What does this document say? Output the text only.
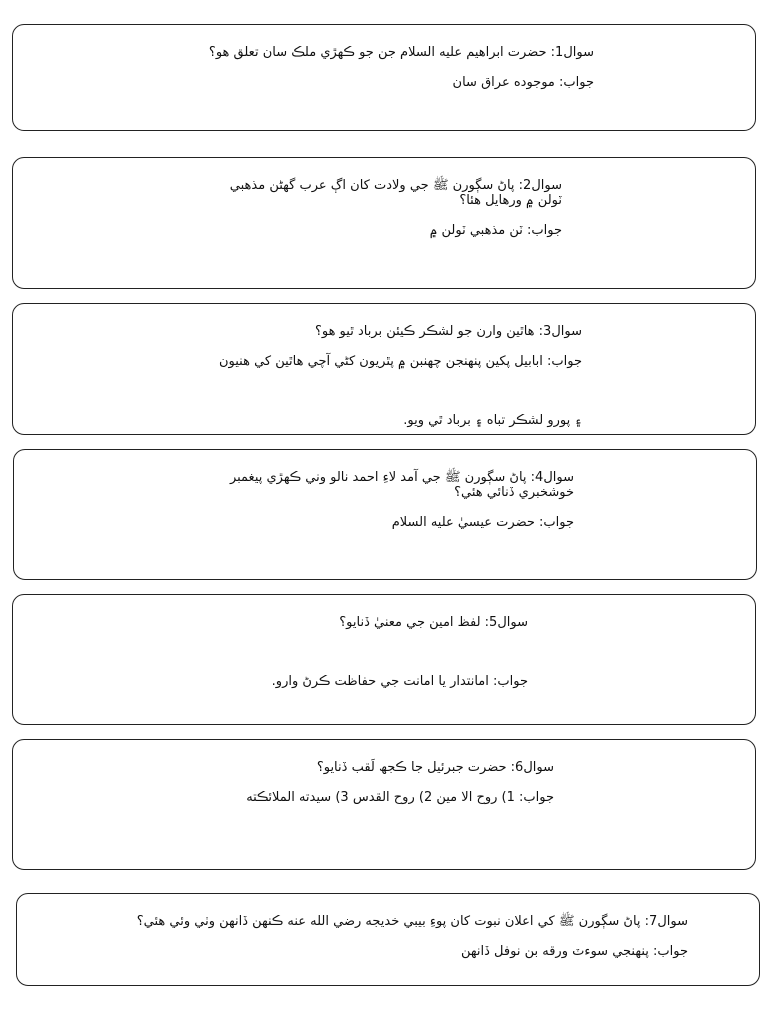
سوال1: حضرت ابراهيم عليه السلام جن جو ڪهڙي ملڪ سان تعلق هو؟

جواب: موجوده عراق سان

سوال2: پاڻ سڳورن ﷺ جي ولادت کان اڳ عرب گهڻن مذهبي
ٽولن ۾ ورهايل هئا؟

جواب: ٽن مذهبي ٽولن ۾

سوال3: هاٿين وارن جو لشڪر ڪيئن برباد ٿيو هو؟

جواب: ابابيل پکين پنهنجن چهنبن ۾ پٿريون کڻي آچي هاٿين کي هنيون

۽ پورو لشڪر تباه ۽ برباد ٿي ويو.

سوال4: پاڻ سڳورن ﷺ جي آمد لاءِ احمد نالو وني ڪهڙي پيغمبر
خوشخبري ڏنائي هئي؟

جواب: حضرت عيسيٰ عليه السلام

سوال5: لفظ امين جي معنيٰ ڏنايو؟

جواب: امانتدار يا امانت جي حفاظت ڪرڻ وارو.

سوال6: حضرت جبرئيل جا ڪجھ لَقب ڏنايو؟

جواب: 1) روح الا مين 2) روح القدس 3) سيدته الملائڪته

سوال7: پاڻ سڳورن ﷺ کي اعلان نبوت کان پوءِ بيبي خديجه رضي الله عنه ڪنهن ڏانهن وٺي وئي هئي؟

جواب: پنهنجي سوءٽ ورقه بن نوفل ڏانهن
